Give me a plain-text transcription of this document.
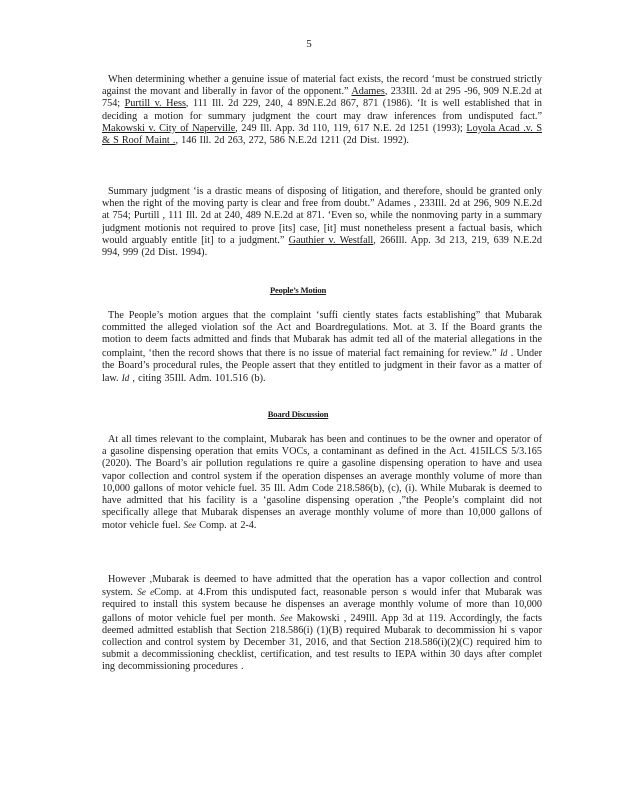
5

When determining whether a genuine issue of material fact exists, the record ‘must be construed strictly against the movant and liberally in favor of the opponent.” Adames, 233Ill. 2d at 295 -96, 909 N.E.2d at 754; Purtill v. Hess, 111 Ill. 2d 229, 240, 4 89N.E.2d 867, 871 (1986). ‘It is well established that in deciding a motion for summary judgment the court may draw inferences from undisputed fact.” Makowski v. City of Naperville, 249 Ill. App. 3d 110, 119, 617 N.E. 2d 1251 (1993); Loyola Acad .v. S & S Roof Maint ., 146 Ill. 2d 263, 272, 586 N.E.2d 1211 (2d Dist. 1992).

Summary judgment ‘is a drastic means of disposing of litigation, and therefore, should be granted only when the right of the moving party is clear and free from doubt.” Adames , 233Ill. 2d at 296, 909 N.E.2d at 754; Purtill , 111 Ill. 2d at 240, 489 N.E.2d at 871. ‘Even so, while the nonmoving party in a summary judgment motionis not required to prove [its] case, [it] must nonetheless present a factual basis, which would arguably entitle [it] to a judgment.” Gauthier v. Westfall, 266Ill. App. 3d 213, 219, 639 N.E.2d 994, 999 (2d Dist. 1994).

People’s Motion

The People’s motion argues that the complaint ‘suffi ciently states facts establishing” that Mubarak committed the alleged violation sof the Act and Boardregulations. Mot. at 3. If the Board grants the motion to deem facts admitted and finds that Mubarak has admit ted all of the material allegations in the complaint, ‘then the record shows that there is no issue of material fact remaining for review.” Id . Under the Board’s procedural rules, the People assert that they entitled to judgment in their favor as a matter of law. Id , citing 35Ill. Adm. 101.516 (b).

Board Discussion

At all times relevant to the complaint, Mubarak has been and continues to be the owner and operator of a gasoline dispensing operation that emits VOCs, a contaminant as defined in the Act. 415ILCS 5/3.165 (2020). The Board’s air pollution regulations re quire a gasoline dispensing operation to have and usea vapor collection and control system if the operation dispenses an average monthly volume of more than 10,000 gallons of motor vehicle fuel. 35 Ill. Adm Code 218.586(b), (c), (i). While Mubarak is deemed to have admitted that his facility is a ‘gasoline dispensing operation ,”the People’s complaint did not specifically allege that Mubarak dispenses an average monthly volume of more than 10,000 gallons of motor vehicle fuel. See Comp. at 2-4.

However ,Mubarak is deemed to have admitted that the operation has a vapor collection and control system. Se eComp. at 4.From this undisputed fact, reasonable person s would infer that Mubarak was required to install this system because he dispenses an average monthly volume of more than 10,000 gallons of motor vehicle fuel per month. See Makowski , 249Ill. App 3d at 119. Accordingly, the facts deemed admitted establish that Section 218.586(i) (1)(B) required Mubarak to decommission hi s vapor collection and control system by December 31, 2016, and that Section 218.586(i)(2)(C) required him to submit a decommissioning checklist, certification, and test results to IEPA within 30 days after complet ing decommissioning procedures .
